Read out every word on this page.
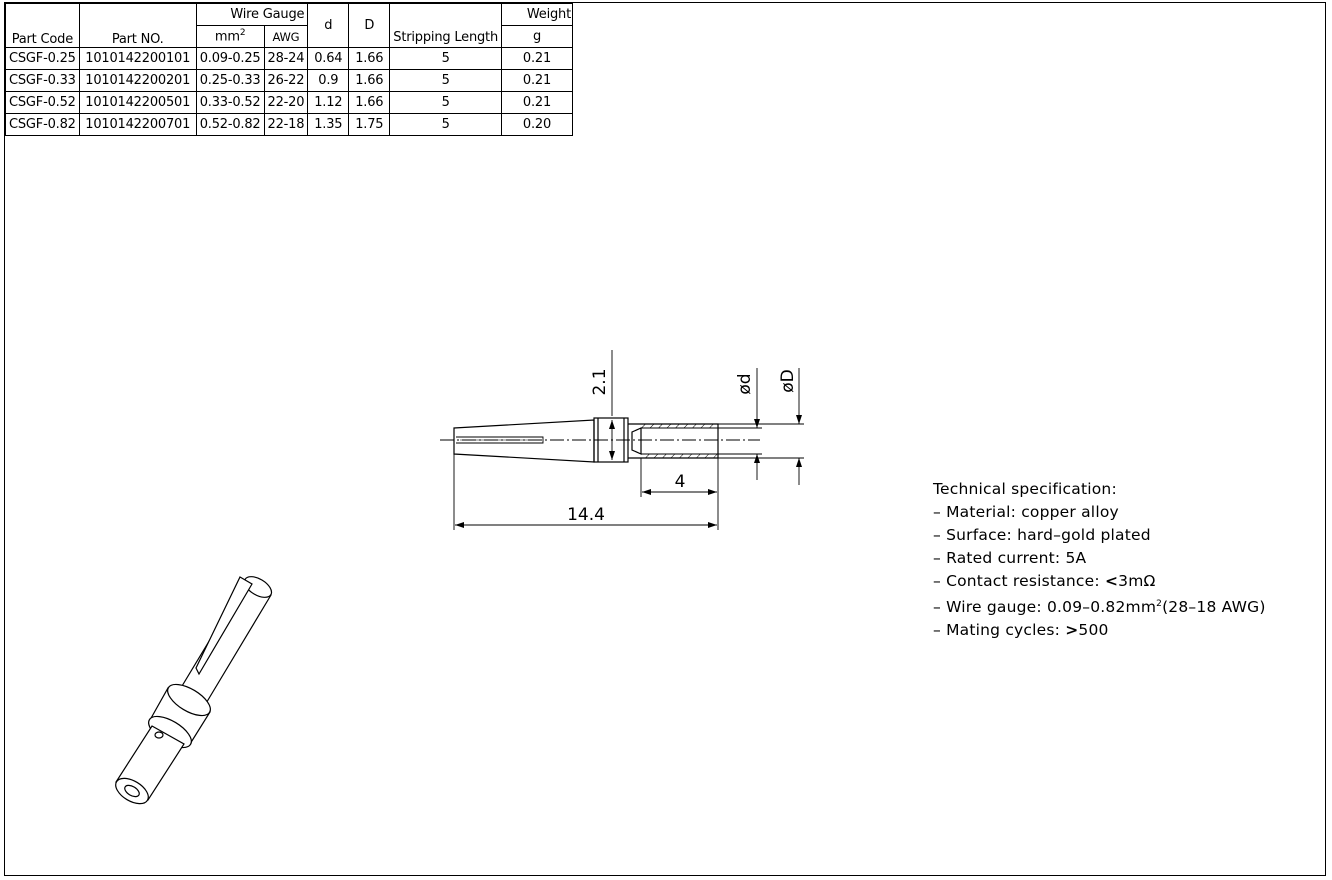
Part Code	Part NO.	Wire Gauge		d	D	Stripping Length	Weight
		$mm^2$	AWG				g
CSGF-0.25	1010142200101	0.09-0.25	28-24	0.64	1.66	5	0.21
CSGF-0.33	1010142200201	0.25-0.33	26-22	0.9	1.66	5	0.21
CSGF-0.52	1010142200501	0.33-0.52	22-20	1.12	1.66	5	0.21
CSGF-0.82	1010142200701	0.52-0.82	22-18	1.35	1.75	5	0.20
2.1	ød øD
4
14.4
Technical specification:
– Material: copper alloy
– Surface: hard–gold plated
– Rated current: 5A
– Contact resistance: <3mΩ
– Wire gauge: $0.09-0.82mm^2(28-18$ AWG)
– Mating cycles: >500
